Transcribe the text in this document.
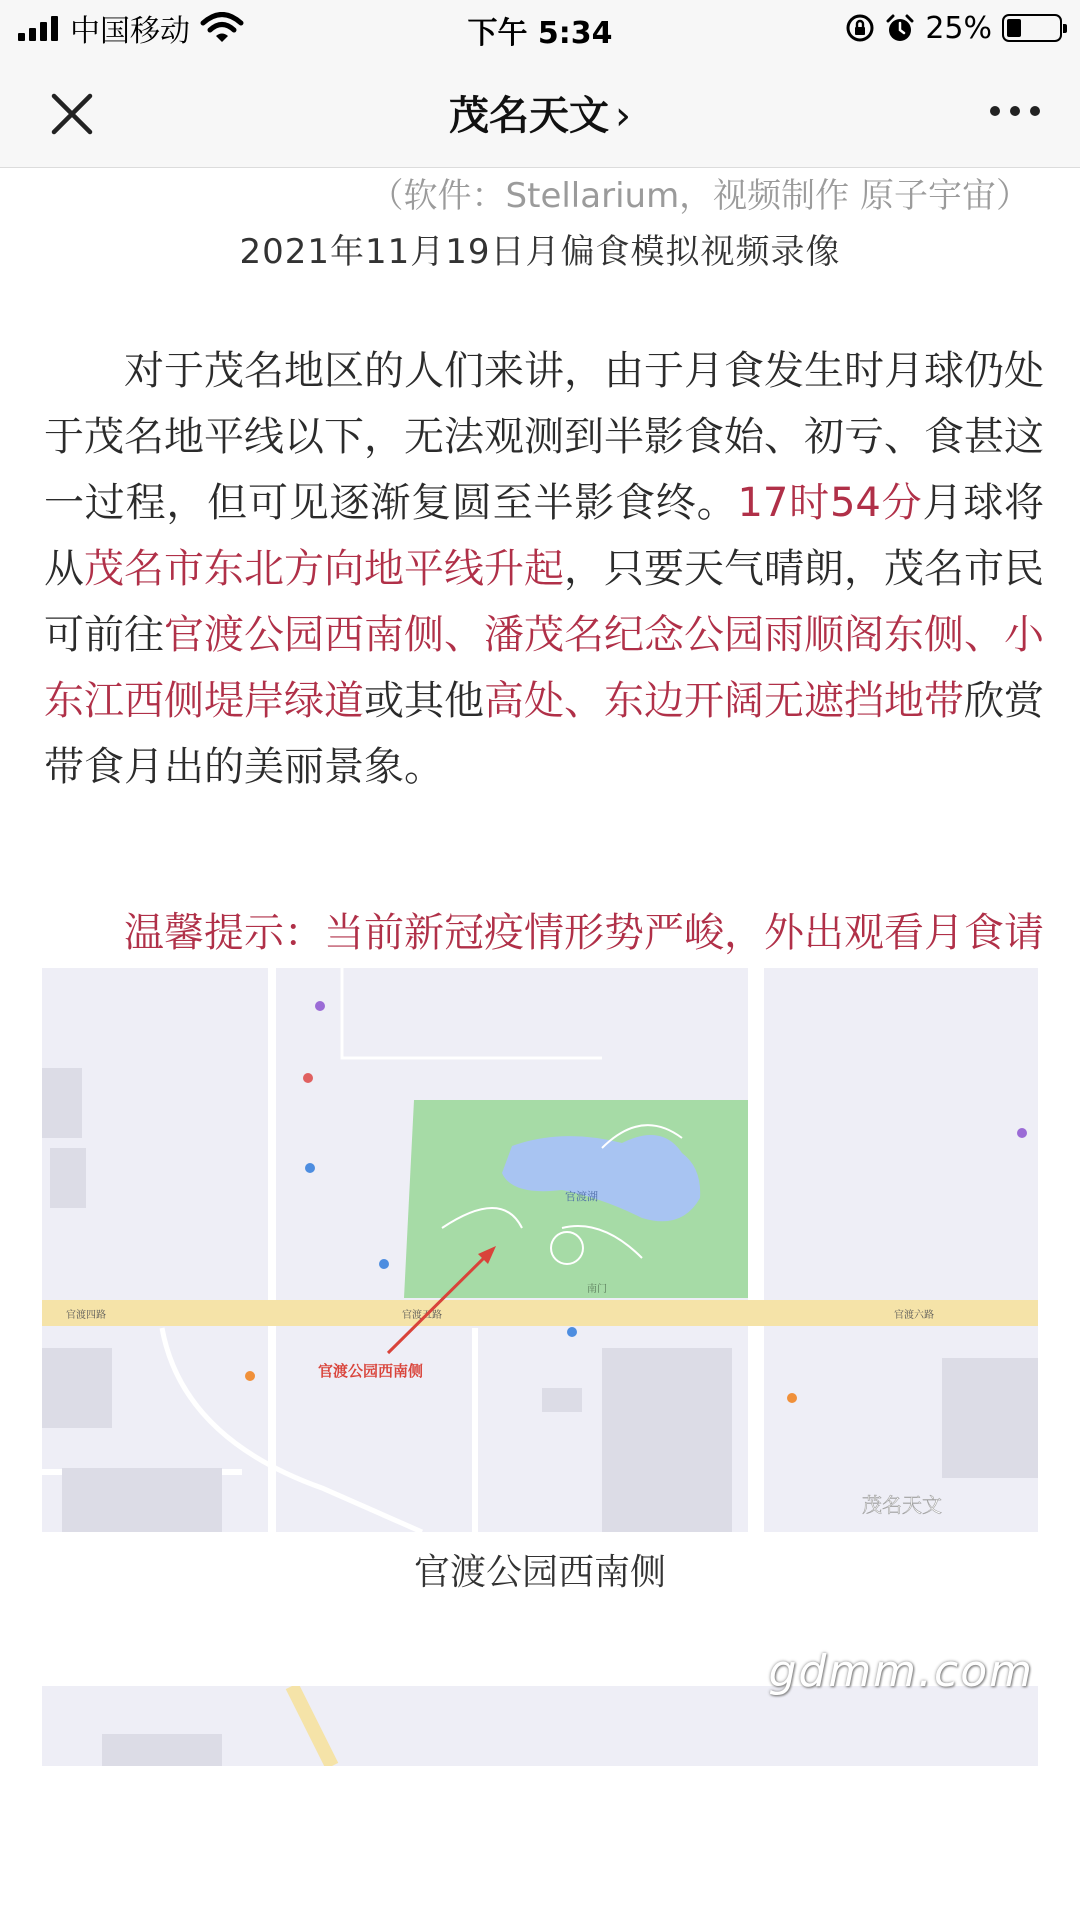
中国移动	下午 5:34	25%
茂名天文 ›
（软件：Stellarium，视频制作 原子宇宙）
2021年11月19日月偏食模拟视频录像

对于茂名地区的人们来讲，由于月食发生时月球仍处于茂名地平线以下，无法观测到半影食始、初亏、食甚这一过程，但可见逐渐复圆至半影食终。17时54分月球将从茂名市东北方向地平线升起，只要天气晴朗，茂名市民可前往官渡公园西南侧、潘茂名纪念公园雨顺阁东侧、小东江西侧堤岸绿道或其他高处、东边开阔无遮挡地带欣赏带食月出的美丽景象。

温馨提示：当前新冠疫情形势严峻，外出观看月食请

官渡四路	官渡五路	官渡六路
南门
官渡湖
官渡公园西南侧
茂名天文
官渡公园西南侧
gdmm.com
